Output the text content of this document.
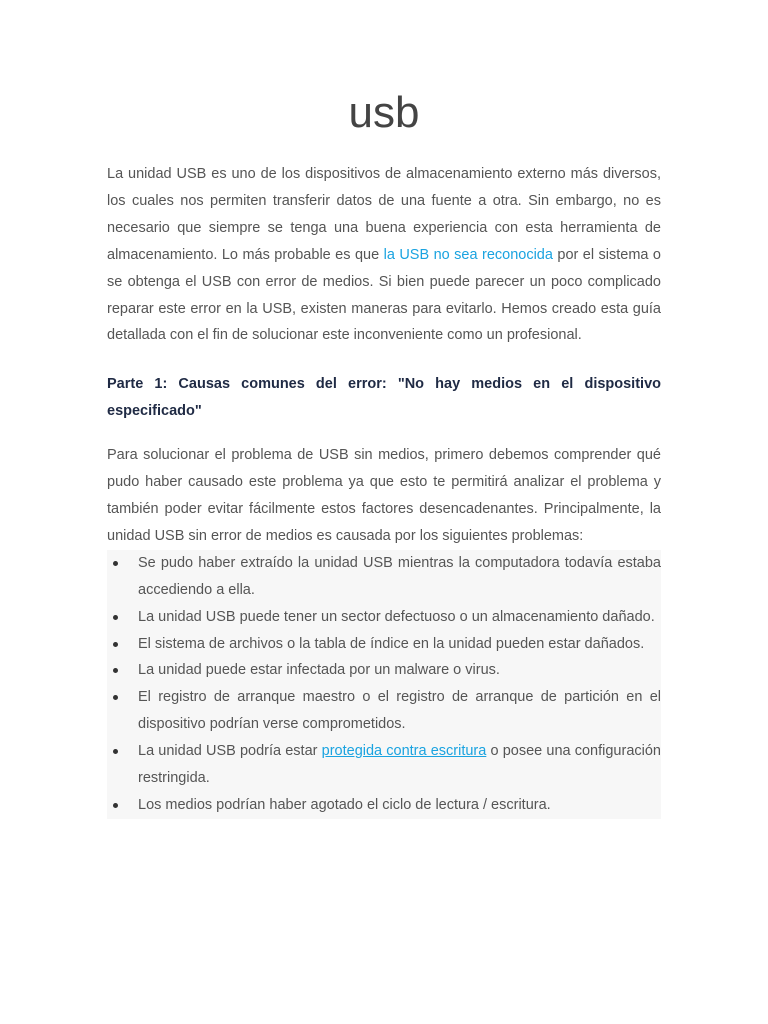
usb

La unidad USB es uno de los dispositivos de almacenamiento externo más diversos, los cuales nos permiten transferir datos de una fuente a otra. Sin embargo, no es necesario que siempre se tenga una buena experiencia con esta herramienta de almacenamiento. Lo más probable es que la USB no sea reconocida por el sistema o se obtenga el USB con error de medios. Si bien puede parecer un poco complicado reparar este error en la USB, existen maneras para evitarlo. Hemos creado esta guía detallada con el fin de solucionar este inconveniente como un profesional.

Parte 1: Causas comunes del error: "No hay medios en el dispositivo especificado"

Para solucionar el problema de USB sin medios, primero debemos comprender qué pudo haber causado este problema ya que esto te permitirá analizar el problema y también poder evitar fácilmente estos factores desencadenantes. Principalmente, la unidad USB sin error de medios es causada por los siguientes problemas:

Se pudo haber extraído la unidad USB mientras la computadora todavía estaba accediendo a ella.
La unidad USB puede tener un sector defectuoso o un almacenamiento dañado.
El sistema de archivos o la tabla de índice en la unidad pueden estar dañados.
La unidad puede estar infectada por un malware o virus.
El registro de arranque maestro o el registro de arranque de partición en el dispositivo podrían verse comprometidos.
La unidad USB podría estar protegida contra escritura o posee una configuración restringida.
Los medios podrían haber agotado el ciclo de lectura / escritura.
